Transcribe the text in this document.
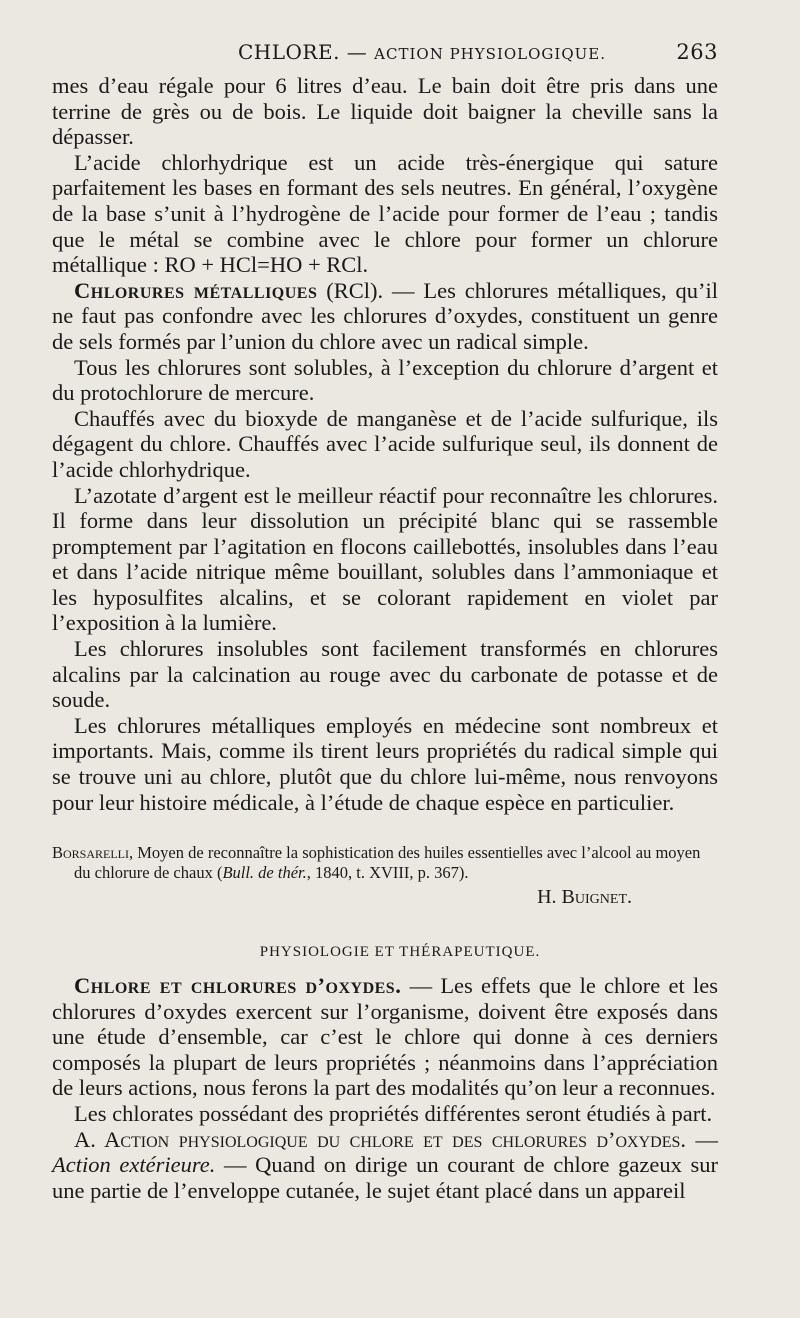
CHLORE. — ACTION PHYSIOLOGIQUE.	263

mes d’eau régale pour 6 litres d’eau. Le bain doit être pris dans une terrine de grès ou de bois. Le liquide doit baigner la cheville sans la dépasser.

L’acide chlorhydrique est un acide très-énergique qui sature parfaitement les bases en formant des sels neutres. En général, l’oxygène de la base s’unit à l’hydrogène de l’acide pour former de l’eau ; tandis que le métal se combine avec le chlore pour former un chlorure métallique : RO + HCl=HO + RCl.

Chlorures métalliques (RCl). — Les chlorures métalliques, qu’il ne faut pas confondre avec les chlorures d’oxydes, constituent un genre de sels formés par l’union du chlore avec un radical simple.

Tous les chlorures sont solubles, à l’exception du chlorure d’argent et du protochlorure de mercure.

Chauffés avec du bioxyde de manganèse et de l’acide sulfurique, ils dégagent du chlore. Chauffés avec l’acide sulfurique seul, ils donnent de l’acide chlorhydrique.

L’azotate d’argent est le meilleur réactif pour reconnaître les chlorures. Il forme dans leur dissolution un précipité blanc qui se rassemble promptement par l’agitation en flocons caillebottés, insolubles dans l’eau et dans l’acide nitrique même bouillant, solubles dans l’ammoniaque et les hyposulfites alcalins, et se colorant rapidement en violet par l’exposition à la lumière.

Les chlorures insolubles sont facilement transformés en chlorures alcalins par la calcination au rouge avec du carbonate de potasse et de soude.

Les chlorures métalliques employés en médecine sont nombreux et importants. Mais, comme ils tirent leurs propriétés du radical simple qui se trouve uni au chlore, plutôt que du chlore lui-même, nous renvoyons pour leur histoire médicale, à l’étude de chaque espèce en particulier.

Borsarelli, Moyen de reconnaître la sophistication des huiles essentielles avec l’alcool au moyen du chlorure de chaux (Bull. de thér., 1840, t. XVIII, p. 367).
H. Buignet.
PHYSIOLOGIE ET THÉRAPEUTIQUE.

Chlore et chlorures d’oxydes. — Les effets que le chlore et les chlorures d’oxydes exercent sur l’organisme, doivent être exposés dans une étude d’ensemble, car c’est le chlore qui donne à ces derniers composés la plupart de leurs propriétés ; néanmoins dans l’appréciation de leurs actions, nous ferons la part des modalités qu’on leur a reconnues.

Les chlorates possédant des propriétés différentes seront étudiés à part.

A. Action physiologique du chlore et des chlorures d’oxydes. — Action extérieure. — Quand on dirige un courant de chlore gazeux sur une partie de l’enveloppe cutanée, le sujet étant placé dans un appareil
